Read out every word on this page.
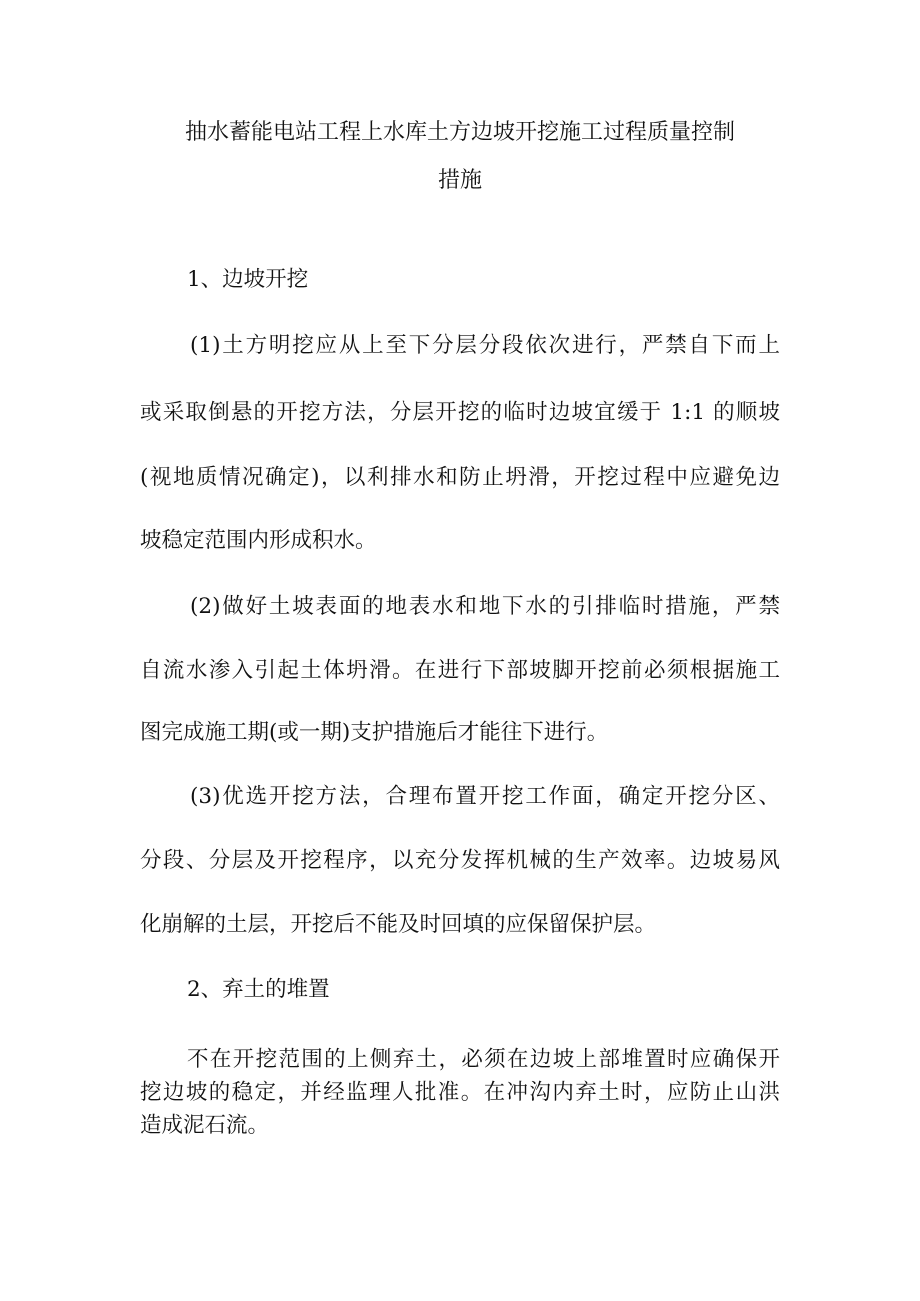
抽水蓄能电站工程上水库土方边坡开挖施工过程质量控制
措施

1、边坡开挖

(1)土方明挖应从上至下分层分段依次进行，严禁自下而上

或采取倒悬的开挖方法，分层开挖的临时边坡宜缓于 1:1 的顺坡

(视地质情况确定)，以利排水和防止坍滑，开挖过程中应避免边

坡稳定范围内形成积水。

(2)做好土坡表面的地表水和地下水的引排临时措施，严禁

自流水渗入引起土体坍滑。在进行下部坡脚开挖前必须根据施工

图完成施工期(或一期)支护措施后才能往下进行。

(3)优选开挖方法，合理布置开挖工作面，确定开挖分区、

分段、分层及开挖程序，以充分发挥机械的生产效率。边坡易风

化崩解的土层，开挖后不能及时回填的应保留保护层。

2、弃土的堆置

不在开挖范围的上侧弃土，必须在边坡上部堆置时应确保开

挖边坡的稳定，并经监理人批准。在冲沟内弃土时，应防止山洪

造成泥石流。
